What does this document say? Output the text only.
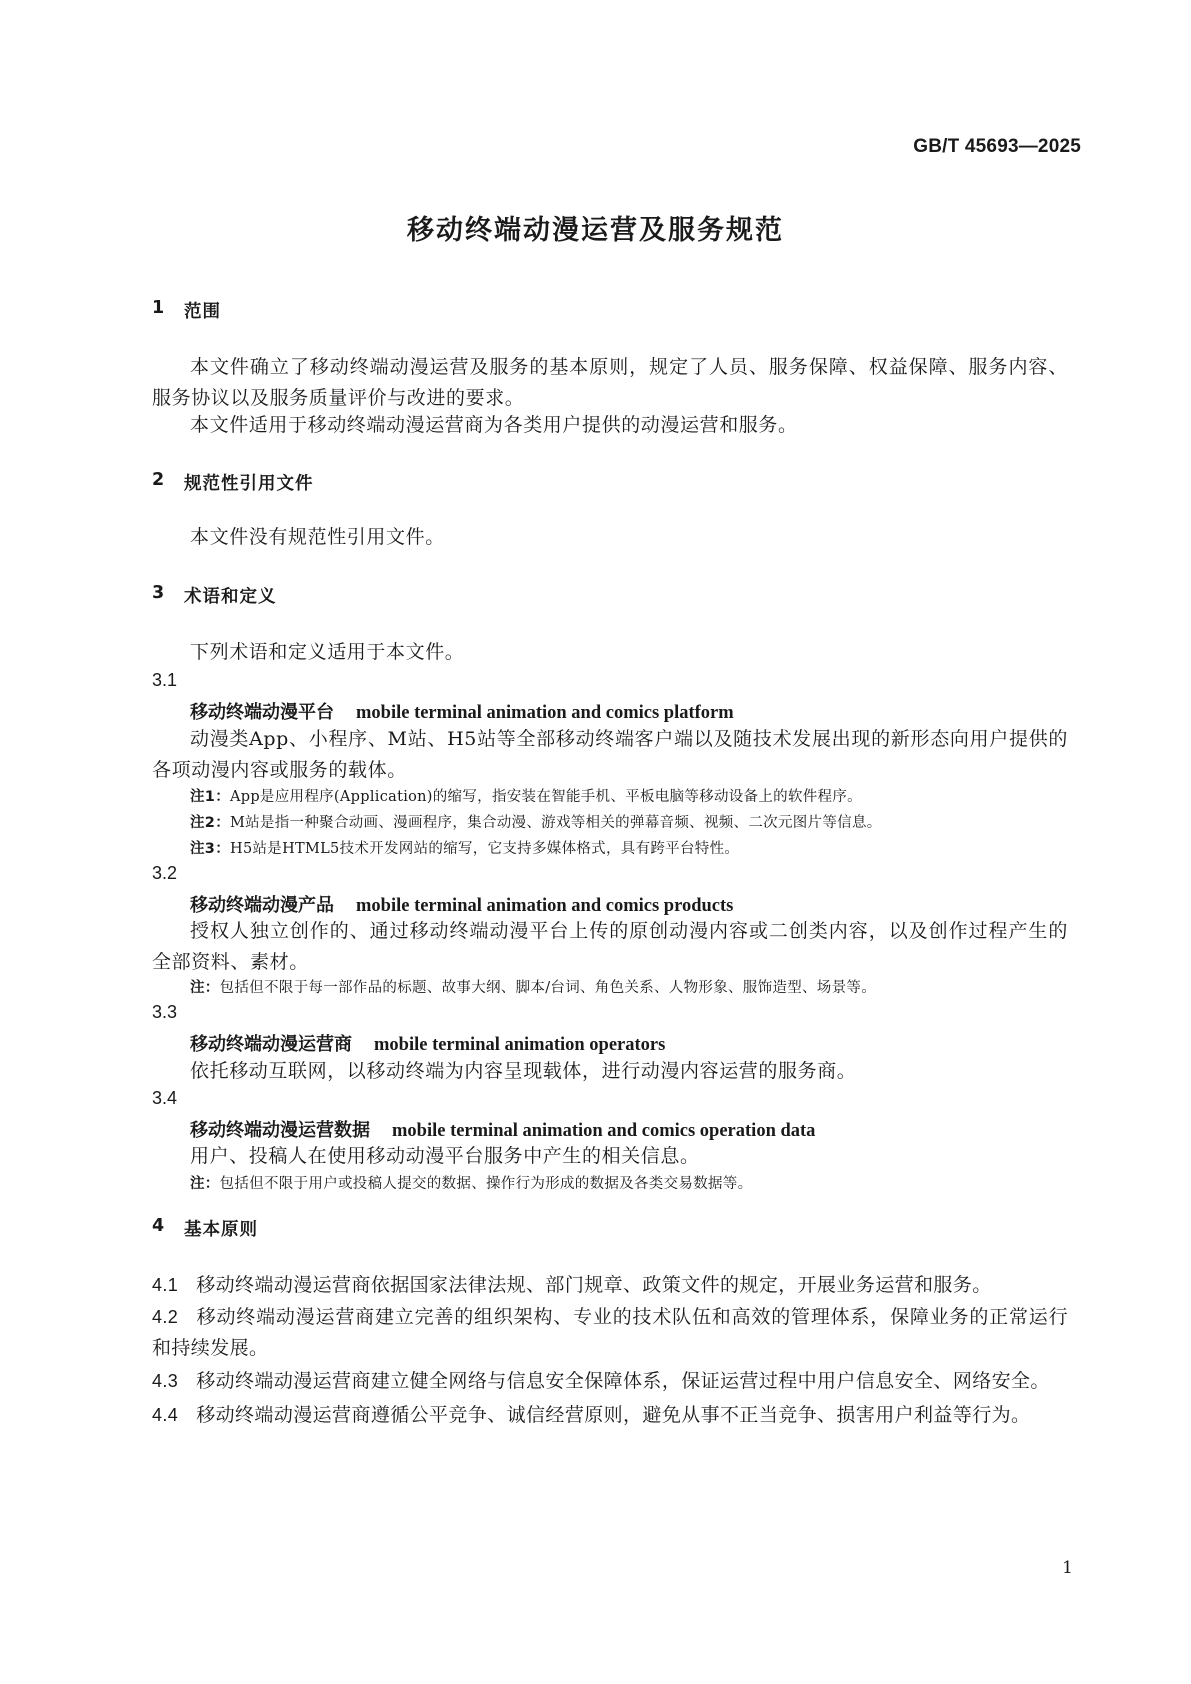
GB/T 45693—2025
移动终端动漫运营及服务规范
1 范围
本文件确立了移动终端动漫运营及服务的基本原则，规定了人员、服务保障、权益保障、服务内容、服务协议以及服务质量评价与改进的要求。
本文件适用于移动终端动漫运营商为各类用户提供的动漫运营和服务。
2 规范性引用文件
本文件没有规范性引用文件。
3 术语和定义
下列术语和定义适用于本文件。
3.1
移动终端动漫平台 mobile terminal animation and comics platform
动漫类App、小程序、M站、H5站等全部移动终端客户端以及随技术发展出现的新形态向用户提供的各项动漫内容或服务的载体。
注1：App是应用程序(Application)的缩写，指安装在智能手机、平板电脑等移动设备上的软件程序。
注2：M站是指一种聚合动画、漫画程序，集合动漫、游戏等相关的弹幕音频、视频、二次元图片等信息。
注3：H5站是HTML5技术开发网站的缩写，它支持多媒体格式，具有跨平台特性。
3.2
移动终端动漫产品 mobile terminal animation and comics products
授权人独立创作的、通过移动终端动漫平台上传的原创动漫内容或二创类内容，以及创作过程产生的全部资料、素材。
注：包括但不限于每一部作品的标题、故事大纲、脚本/台词、角色关系、人物形象、服饰造型、场景等。
3.3
移动终端动漫运营商 mobile terminal animation operators
依托移动互联网，以移动终端为内容呈现载体，进行动漫内容运营的服务商。
3.4
移动终端动漫运营数据 mobile terminal animation and comics operation data
用户、投稿人在使用移动动漫平台服务中产生的相关信息。
注：包括但不限于用户或投稿人提交的数据、操作行为形成的数据及各类交易数据等。
4 基本原则
4.1 移动终端动漫运营商依据国家法律法规、部门规章、政策文件的规定，开展业务运营和服务。
4.2 移动终端动漫运营商建立完善的组织架构、专业的技术队伍和高效的管理体系，保障业务的正常运行和持续发展。
4.3 移动终端动漫运营商建立健全网络与信息安全保障体系，保证运营过程中用户信息安全、网络安全。
4.4 移动终端动漫运营商遵循公平竞争、诚信经营原则，避免从事不正当竞争、损害用户利益等行为。
1
